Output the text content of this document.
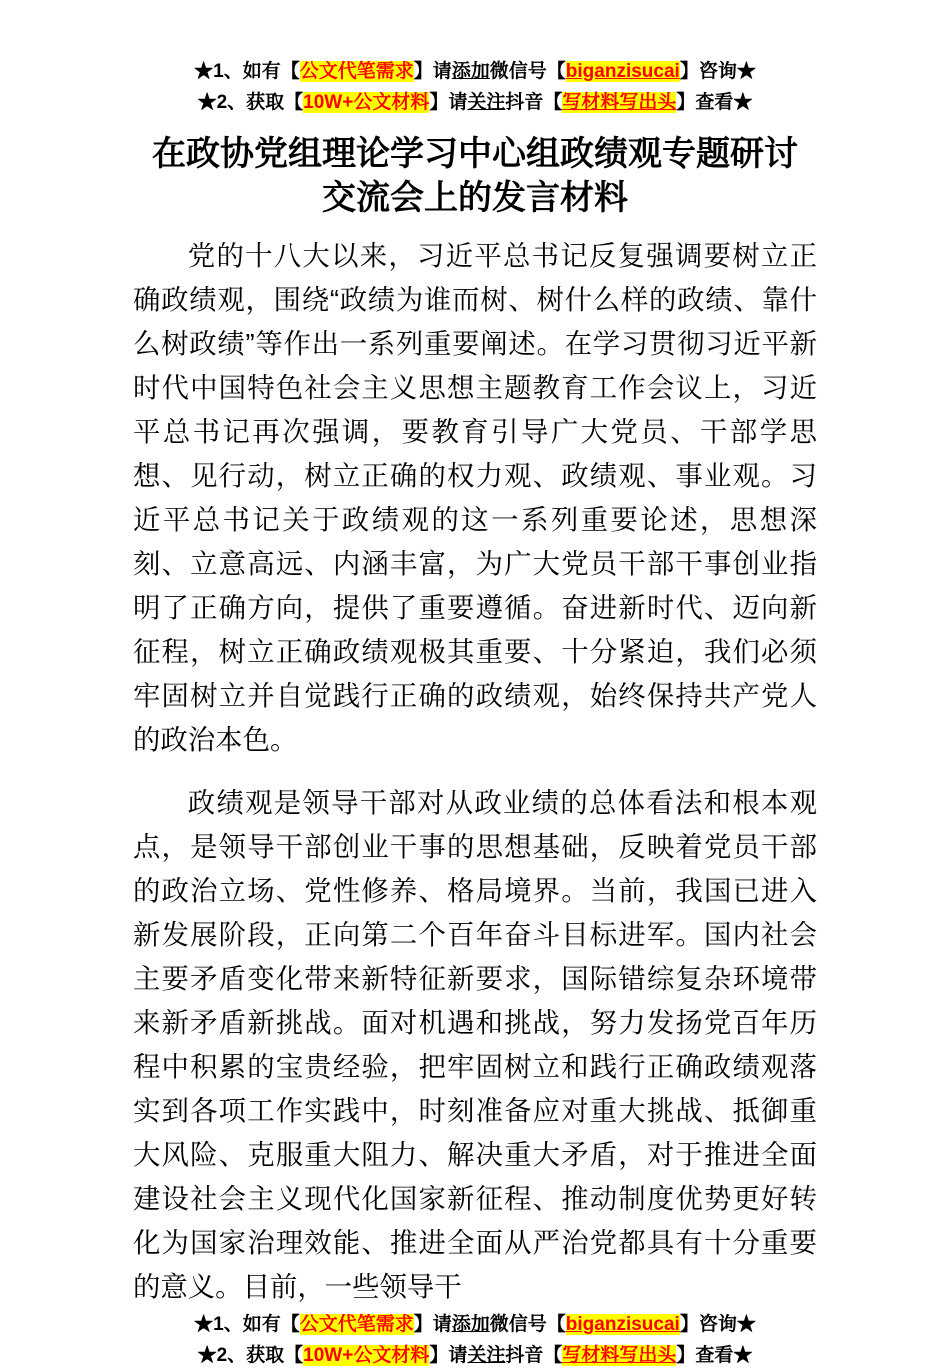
★1、如有【公文代笔需求】请添加微信号【biganzisucai】咨询★
★2、获取【10W+公文材料】请关注抖音【写材料写出头】查看★
在政协党组理论学习中心组政绩观专题研讨
交流会上的发言材料

党的十八大以来，习近平总书记反复强调要树立正确政绩观，围绕“政绩为谁而树、树什么样的政绩、靠什么树政绩”等作出一系列重要阐述。在学习贯彻习近平新时代中国特色社会主义思想主题教育工作会议上，习近平总书记再次强调，要教育引导广大党员、干部学思想、见行动，树立正确的权力观、政绩观、事业观。习近平总书记关于政绩观的这一系列重要论述，思想深刻、立意高远、内涵丰富，为广大党员干部干事创业指明了正确方向，提供了重要遵循。奋进新时代、迈向新征程，树立正确政绩观极其重要、十分紧迫，我们必须牢固树立并自觉践行正确的政绩观，始终保持共产党人的政治本色。

政绩观是领导干部对从政业绩的总体看法和根本观点，是领导干部创业干事的思想基础，反映着党员干部的政治立场、党性修养、格局境界。当前，我国已进入新发展阶段，正向第二个百年奋斗目标进军。国内社会主要矛盾变化带来新特征新要求，国际错综复杂环境带来新矛盾新挑战。面对机遇和挑战，努力发扬党百年历程中积累的宝贵经验，把牢固树立和践行正确政绩观落实到各项工作实践中，时刻准备应对重大挑战、抵御重大风险、克服重大阻力、解决重大矛盾，对于推进全面建设社会主义现代化国家新征程、推动制度优势更好转化为国家治理效能、推进全面从严治党都具有十分重要的意义。目前，一些领导干

★1、如有【公文代笔需求】请添加微信号【biganzisucai】咨询★
★2、获取【10W+公文材料】请关注抖音【写材料写出头】查看★
